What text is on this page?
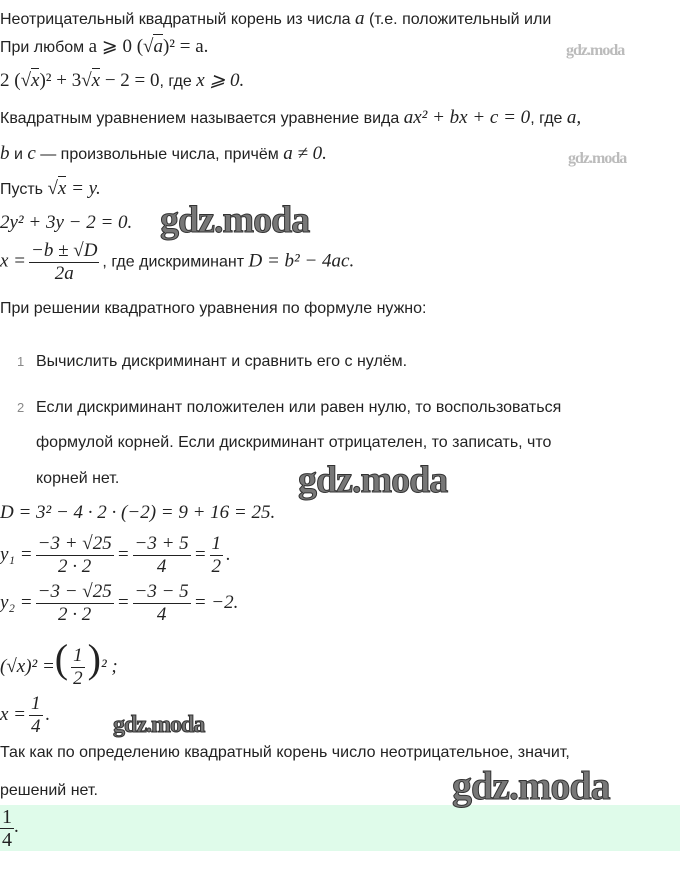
Неотрицательный квадратный корень из числа a (т.е. положительный или
При любом a ⩾ 0 (√a)² = a.
2 (√x)² + 3√x − 2 = 0, где x ⩾ 0.
Квадратным уравнением называется уравнение вида ax² + bx + c = 0, где a,
b и c — произвольные числа, причём a ≠ 0.
Пусть √x = y.
2y² + 3y − 2 = 0.
$x = \frac{-b \pm √D}{2a}$ , где дискриминант D = b² − 4ac.
При решении квадратного уравнения по формуле нужно:
1 Вычислить дискриминант и сравнить его с нулём.
2 Если дискриминант положителен или равен нулю, то воспользоваться
формулой корней. Если дискриминант отрицателен, то записать, что
корней нет.
D = 3² − 4 · 2 · (−2) = 9 + 16 = 25.
$y_1 = \frac{-3 + √25}{2 \cdot 2} = \frac{-3 + 5}{4} = \frac{1}{2}$ .
$y_2 = \frac{-3 - √25}{2 \cdot 2} = \frac{-3 - 5}{4} = -2$.
(√x)² =( $\frac{1}{2} )^2$ ;
$x = \frac{1}{4}$ .
Так как по определению квадратный корень число неотрицательное, значит,
решений нет.
$\frac{1}{4}$ .
gdz.moda
gdz.moda
gdz.moda
gdz.moda
gdz.moda
gdz.moda
